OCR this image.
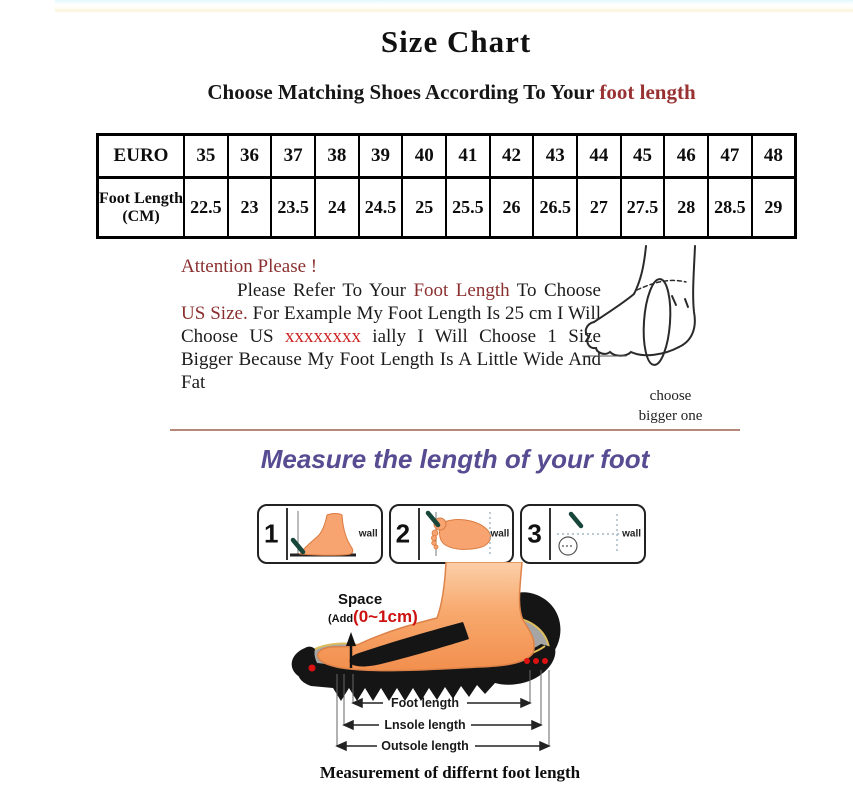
Size Chart
Choose Matching Shoes According To Your foot length
EURO	35	36	37	38	39	40	41	42	43	44	45	46	47	48
Foot Length (CM)	22.5	23	23.5	24	24.5	25	25.5	26	26.5	27	27.5	28	28.5	29

Attention Please !

Please Refer To Your Foot Length To Choose US Size. For Example My Foot Length Is 25 cm I Will Choose US xxxxxxxx ially I Will Choose 1 Size Bigger Because My Foot Length Is A Little Wide And Fat

choose
bigger one
Measure the length of your foot
1	wall 2	wall 3	wall
Foot length
Lnsole length
Outsole length
Space
(Add(0~1cm)
Measurement of differnt foot length
